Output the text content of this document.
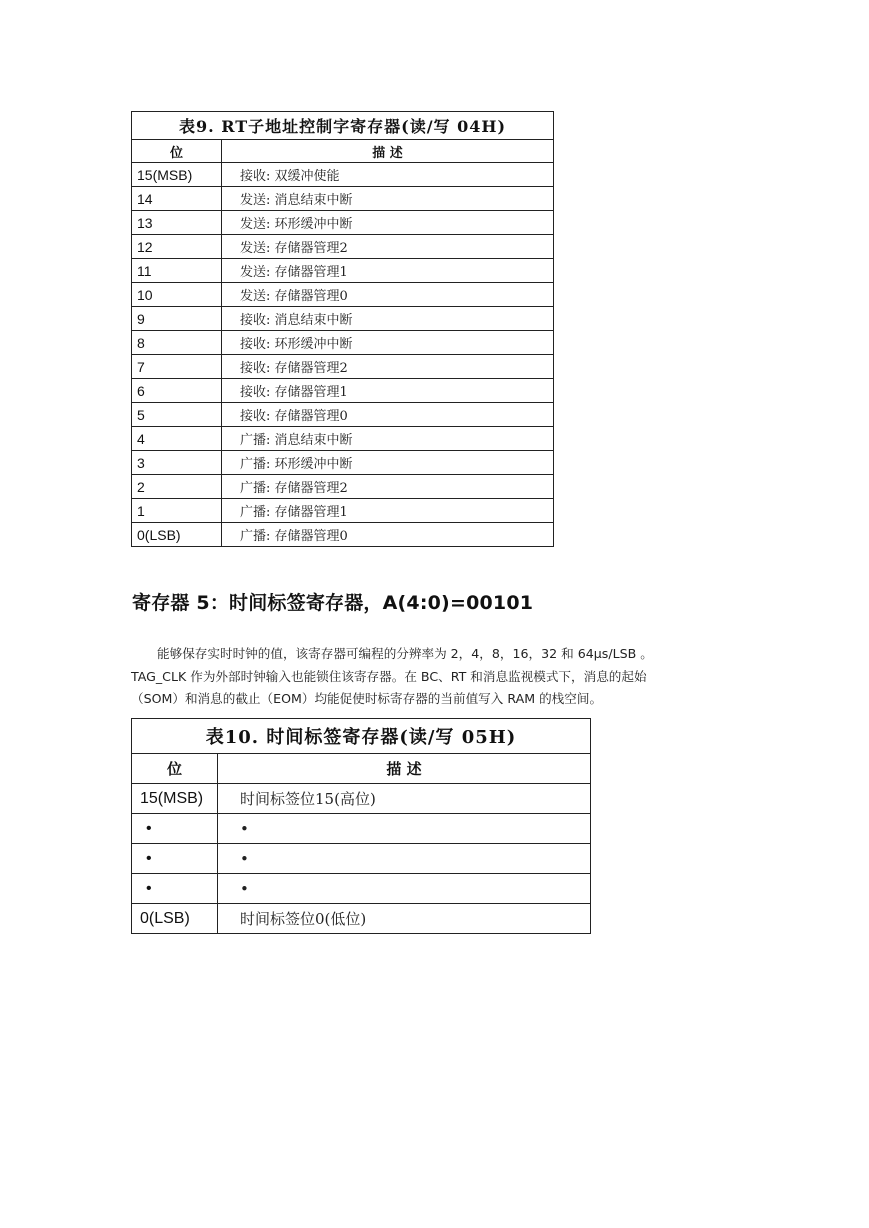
表9. RT子地址控制字寄存器(读/写 04H)	
位	描 述
15(MSB)	接收: 双缓冲使能
14	发送: 消息结束中断
13	发送: 环形缓冲中断
12	发送: 存储器管理2
11	发送: 存储器管理1
10	发送: 存储器管理0
9	接收: 消息结束中断
8	接收: 环形缓冲中断
7	接收: 存储器管理2
6	接收: 存储器管理1
5	接收: 存储器管理0
4	广播: 消息结束中断
3	广播: 环形缓冲中断
2	广播: 存储器管理2
1	广播: 存储器管理1
0(LSB)	广播: 存储器管理0
寄存器 5：时间标签寄存器，A(4:0)=00101
能够保存实时时钟的值，该寄存器可编程的分辨率为 2，4，8，16，32 和 64μs/LSB 。
TAG_CLK 作为外部时钟输入也能锁住该寄存器。在 BC、RT 和消息监视模式下，消息的起始
（SOM）和消息的截止（EOM）均能促使时标寄存器的当前值写入 RAM 的栈空间。
表10. 时间标签寄存器(读/写 05H)	
位	描 述
15(MSB)	时间标签位15(高位)
•	•
•	•
•	•
0(LSB)	时间标签位0(低位)
